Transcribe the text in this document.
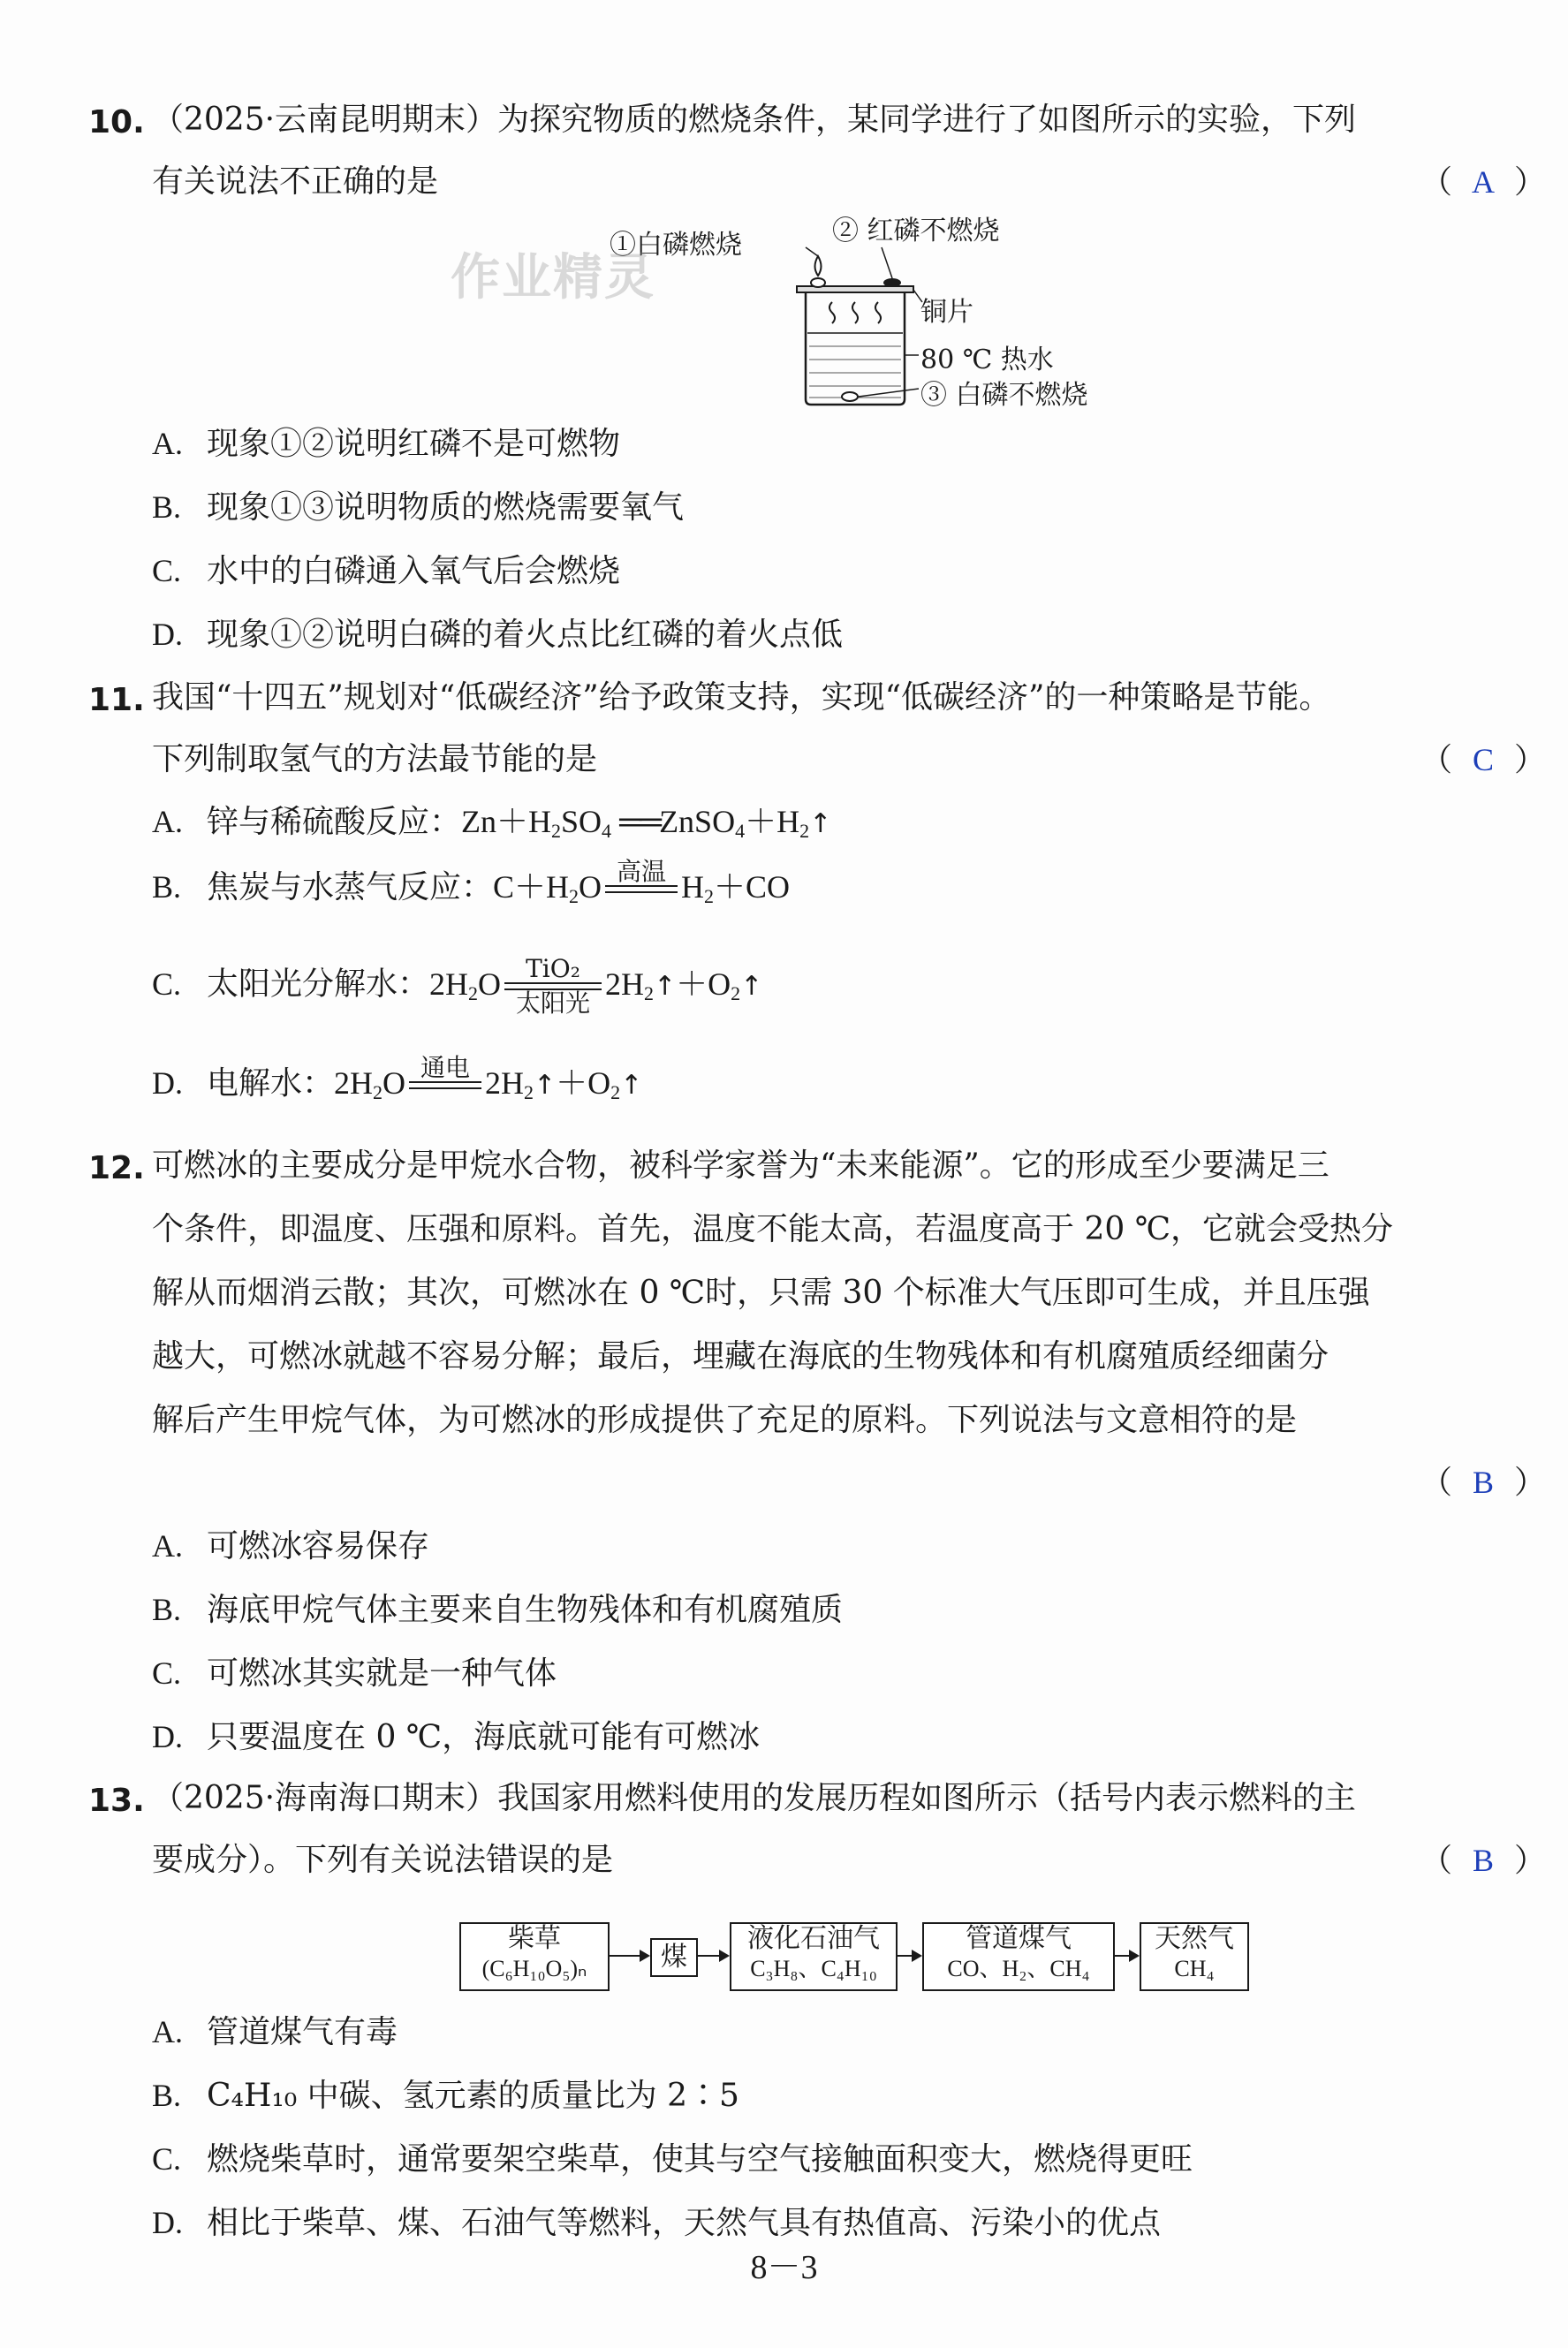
10. （2025·云南昆明期末）为探究物质的燃烧条件，某同学进行了如图所示的实验，下列
有关说法不正确的是	（ A ）
①白磷燃烧	② 红磷不燃烧
铜片
80 ℃ 热水
③ 白磷不燃烧
作业精灵
A. 现象①②说明红磷不是可燃物
B. 现象①③说明物质的燃烧需要氧气
C. 水中的白磷通入氧气后会燃烧
D. 现象①②说明白磷的着火点比红磷的着火点低
11. 我国“十四五”规划对“低碳经济”给予政策支持，实现“低碳经济”的一种策略是节能。
下列制取氢气的方法最节能的是	（ C ）
A. 锌与稀硫酸反应：$Zn+H_2SO_4$ $══ZnSO_4+H_2↑$
B. 焦炭与水蒸气反应：$C+H_2O$ 高温 $H_2+CO$
C. 太阳光分解水：$2H_2O$	TiO₂
太阳光
$2H_2↑+O_2↑$
D. 电解水：$2H_2O$ 通电 $2H_2↑+O_2↑$
12. 可燃冰的主要成分是甲烷水合物，被科学家誉为“未来能源”。它的形成至少要满足三
个条件，即温度、压强和原料。首先，温度不能太高，若温度高于 20 ℃，它就会受热分
解从而烟消云散；其次，可燃冰在 0 ℃时，只需 30 个标准大气压即可生成，并且压强
越大，可燃冰就越不容易分解；最后，埋藏在海底的生物残体和有机腐殖质经细菌分
解后产生甲烷气体，为可燃冰的形成提供了充足的原料。下列说法与文意相符的是
（ B ）
A. 可燃冰容易保存
B. 海底甲烷气体主要来自生物残体和有机腐殖质
C. 可燃冰其实就是一种气体
D. 只要温度在 0 ℃，海底就可能有可燃冰
13. （2025·海南海口期末）我国家用燃料使用的发展历程如图所示（括号内表示燃料的主
要成分）。下列有关说法错误的是	（ B ）
柴草
(C₆H₁₀O₅)ₙ	煤
液化石油气
C₃H₈、C₄H₁₀
管道煤气
CO、H₂、CH₄
天然气
CH₄
A. 管道煤气有毒
B. C₄H₁₀ 中碳、氢元素的质量比为 2∶5
C. 燃烧柴草时，通常要架空柴草，使其与空气接触面积变大，燃烧得更旺
D. 相比于柴草、煤、石油气等燃料，天然气具有热值高、污染小的优点
8－3
